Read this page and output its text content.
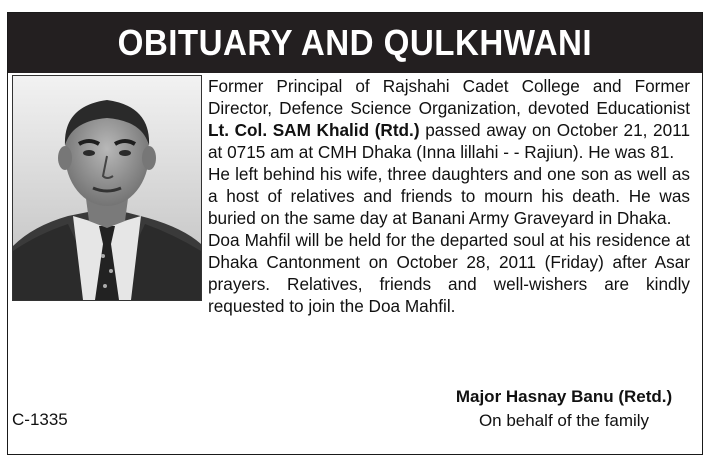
OBITUARY AND QULKHWANI

Former Principal of Rajshahi Cadet College and Former Director, Defence Science Organization, devoted Educationist Lt. Col. SAM Khalid (Rtd.) passed away on October 21, 2011 at 0715 am at CMH Dhaka (Inna lillahi - - Rajiun). He was 81.

He left behind his wife, three daughters and one son as well as a host of relatives and friends to mourn his death. He was buried on the same day at Banani Army Graveyard in Dhaka.

Doa Mahfil will be held for the departed soul at his residence at Dhaka Cantonment on October 28, 2011 (Friday) after Asar prayers. Relatives, friends and well-wishers are kindly requested to join the Doa Mahfil.

Major Hasnay Banu (Retd.)
On behalf of the family
C-1335
